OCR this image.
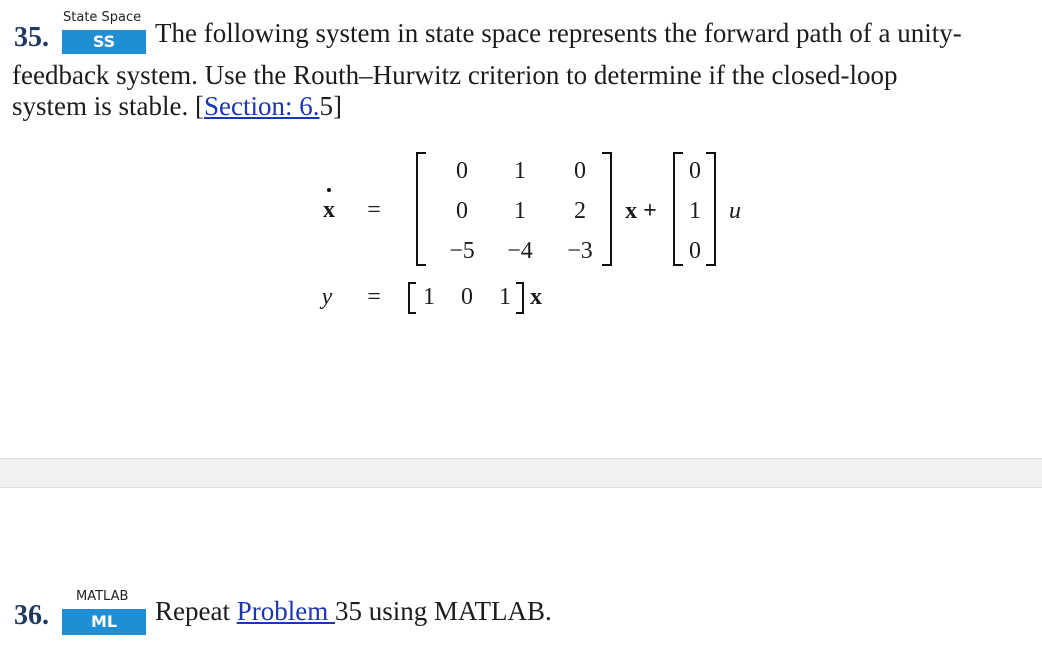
35.
State Space
SS	The following system in state space represents the forward path of a unity-
feedback system. Use the Routh–Hurwitz criterion to determine if the closed-loop
system is stable. [Section: 6.5]
x =
0	1	0
0	1	2
−5	−4	−3
x +
0
1
0
u
y = 1 0 1 x
36.
MATLAB
ML	Repeat Problem 35 using MATLAB.
